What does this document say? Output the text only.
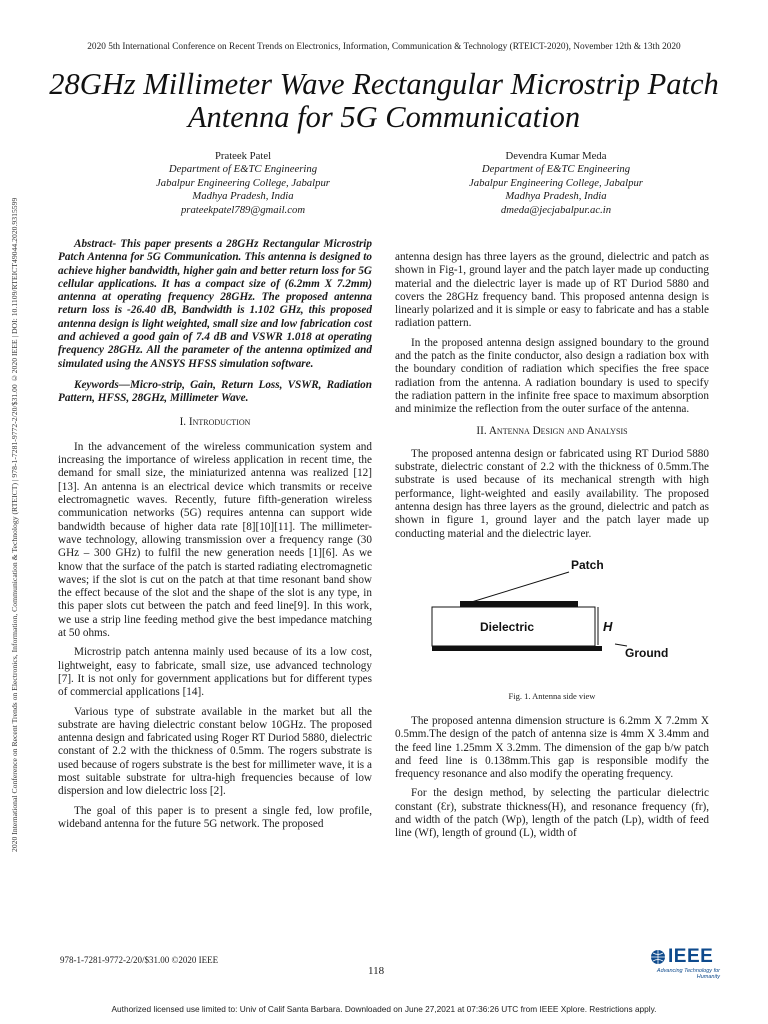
2020 5th International Conference on Recent Trends on Electronics, Information, Communication & Technology (RTEICT-2020), November 12th & 13th 2020
2020 International Conference on Recent Trends on Electronics, Information, Communication & Technology (RTEICT) | 978-1-7281-9772-2/20/$31.00 ©2020 IEEE | DOI: 10.1109/RTEICT49044.2020.9315599
28GHz Millimeter Wave Rectangular Microstrip Patch Antenna for 5G Communication
Prateek Patel
Department of E&TC Engineering
Jabalpur Engineering College, Jabalpur
Madhya Pradesh, India
prateekpatel789@gmail.com
Devendra Kumar Meda
Department of E&TC Engineering
Jabalpur Engineering College, Jabalpur
Madhya Pradesh, India
dmeda@jecjabalpur.ac.in

Abstract- This paper presents a 28GHz Rectangular Microstrip Patch Antenna for 5G Communication. This antenna is designed to achieve higher bandwidth, higher gain and better return loss for 5G cellular applications. It has a compact size of (6.2mm X 7.2mm) antenna at operating frequency 28GHz. The proposed antenna return loss is -26.40 dB, Bandwidth is 1.102 GHz, this proposed antenna design is light weighted, small size and low fabrication cost and achieved a good gain of 7.4 dB and VSWR 1.018 at operating frequency 28GHz. All the parameter of the antenna optimized and simulated using the ANSYS HFSS simulation software.

Keywords—Micro-strip, Gain, Return Loss, VSWR, Radiation Pattern, HFSS, 28GHz, Millimeter Wave.

I. Introduction

In the advancement of the wireless communication system and increasing the importance of wireless application in recent time, the demand for small size, the miniaturized antenna was realized [12][13]. An antenna is an electrical device which transmits or receive electromagnetic waves. Recently, future fifth-generation wireless communication networks (5G) requires antenna can support wide bandwidth because of higher data rate [8][10][11]. The millimeter-wave technology, allowing transmission over a frequency range (30 GHz – 300 GHz) to fulfil the new generation needs [1][6]. As we know that the surface of the patch is started radiating electromagnetic waves; if the slot is cut on the patch at that time resonant band show the effect because of the slot and the shape of the slot is any type, in this paper slots cut between the patch and feed line[9]. In this work, we use a strip line feeding method give the best impedance matching at 50 ohms.

Microstrip patch antenna mainly used because of its a low cost, lightweight, easy to fabricate, small size, use advanced technology [7]. It is not only for government applications but for different types of commercial applications [14].

Various type of substrate available in the market but all the substrate are having dielectric constant below 10GHz. The proposed antenna design and fabricated using Roger RT Duriod 5880, dielectric constant of 2.2 with the thickness of 0.5mm. The rogers substrate is used because of rogers substrate is the best for millimeter wave, it is a most suitable substrate for ultra-high frequencies because of low dispersion and low dielectric loss [2].

The goal of this paper is to present a single fed, low profile, wideband antenna for the future 5G network. The proposed

antenna design has three layers as the ground, dielectric and patch as shown in Fig-1, ground layer and the patch layer made up conducting material and the dielectric layer is made up of RT Duriod 5880 and covers the 28GHz frequency band. This proposed antenna design is linearly polarized and it is simple or easy to fabricate and has a stable radiation pattern.

In the proposed antenna design assigned boundary to the ground and the patch as the finite conductor, also design a radiation box with the boundary condition of radiation which specifies the free space radiation from the antenna. A radiation boundary is used to specify the radiation pattern in the infinite free space to maximum absorption and minimize the reflection from the outer surface of the antenna.

II. Antenna Design and Analysis

The proposed antenna design or fabricated using RT Duriod 5880 substrate, dielectric constant of 2.2 with the thickness of 0.5mm.The substrate is used because of its mechanical strength with high performance, light-weighted and easily availability. The proposed antenna design has three layers as the ground, dielectric and patch as shown in figure 1, ground layer and the patch layer made up conducting material and the dielectric layer.

Patch
Dielectric	H
Ground
Fig. 1. Antenna side view

The proposed antenna dimension structure is 6.2mm X 7.2mm X 0.5mm.The design of the patch of antenna size is 4mm X 3.4mm and the feed line 1.25mm X 3.2mm. The dimension of the gap b/w patch and feed line is 0.138mm.This gap is responsible modify the frequency resonance and also modify the operating frequency.

For the design method, by selecting the particular dielectric constant (Ɛr), substrate thickness(H), and resonance frequency (fr), and width of the patch (Wp), length of the patch (Lp), width of feed line (Wf), length of ground (L), width of

978-1-7281-9772-2/20/$31.00 ©2020 IEEE
118
IEEE
Advancing Technology for Humanity
Authorized licensed use limited to: Univ of Calif Santa Barbara. Downloaded on June 27,2021 at 07:36:26 UTC from IEEE Xplore. Restrictions apply.
